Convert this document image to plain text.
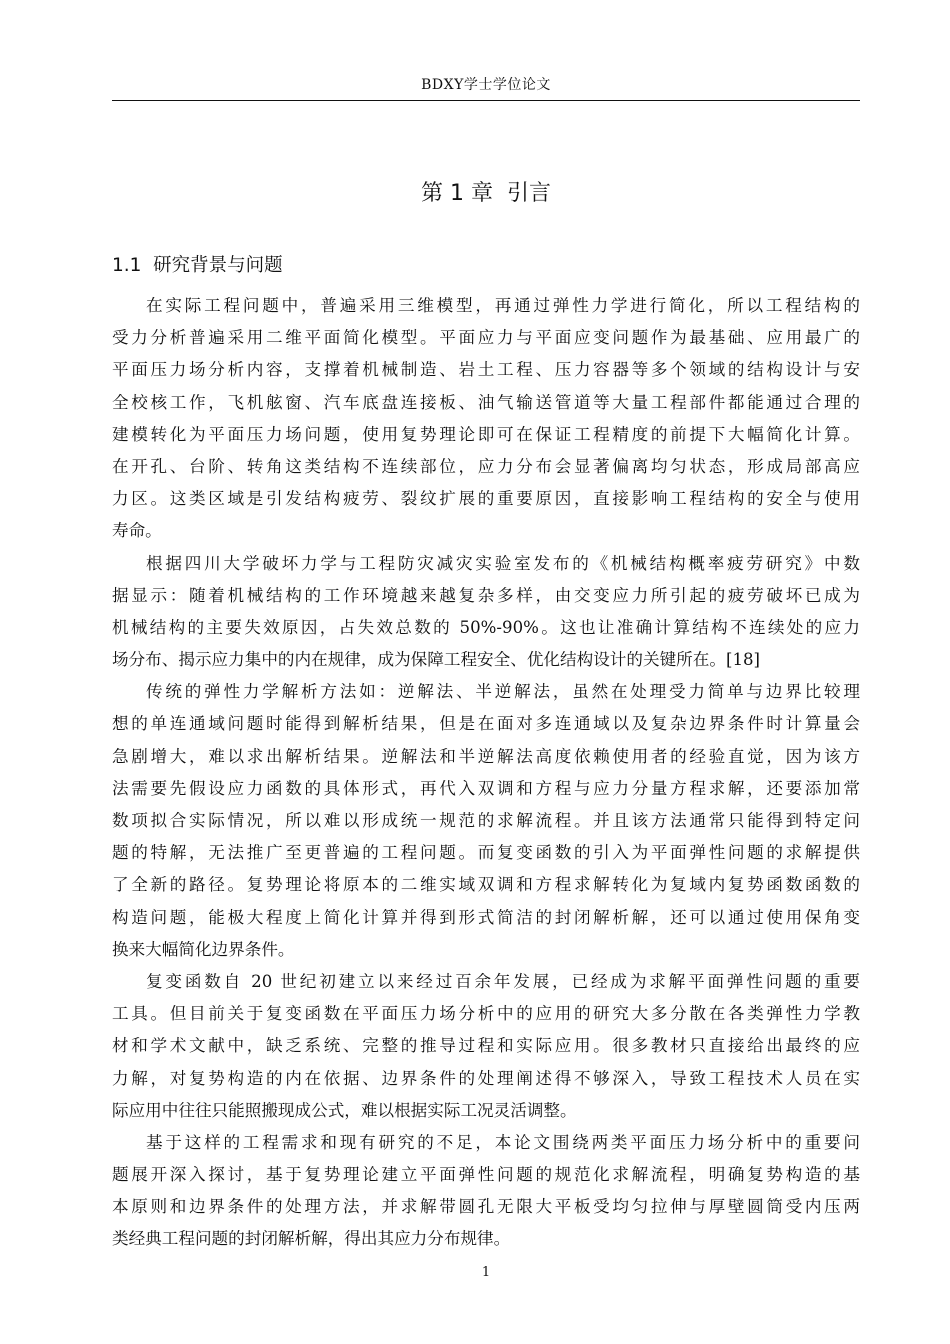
BDXY学士学位论文
第 1 章  引言
1.1  研究背景与问题
在实际工程问题中，普遍采用三维模型，再通过弹性力学进行简化，所以工程结构的
受力分析普遍采用二维平面简化模型。平面应力与平面应变问题作为最基础、应用最广的
平面压力场分析内容，支撑着机械制造、岩土工程、压力容器等多个领域的结构设计与安
全校核工作，飞机舷窗、汽车底盘连接板、油气输送管道等大量工程部件都能通过合理的
建模转化为平面压力场问题，使用复势理论即可在保证工程精度的前提下大幅简化计算。
在开孔、台阶、转角这类结构不连续部位，应力分布会显著偏离均匀状态，形成局部高应
力区。这类区域是引发结构疲劳、裂纹扩展的重要原因，直接影响工程结构的安全与使用
寿命。
根据四川大学破坏力学与工程防灾减灾实验室发布的《机械结构概率疲劳研究》中数
据显示：随着机械结构的工作环境越来越复杂多样，由交变应力所引起的疲劳破坏已成为
机械结构的主要失效原因，占失效总数的 50%-90%。这也让准确计算结构不连续处的应力
场分布、揭示应力集中的内在规律，成为保障工程安全、优化结构设计的关键所在。[18]
传统的弹性力学解析方法如：逆解法、半逆解法，虽然在处理受力简单与边界比较理
想的单连通域问题时能得到解析结果，但是在面对多连通域以及复杂边界条件时计算量会
急剧增大，难以求出解析结果。逆解法和半逆解法高度依赖使用者的经验直觉，因为该方
法需要先假设应力函数的具体形式，再代入双调和方程与应力分量方程求解，还要添加常
数项拟合实际情况，所以难以形成统一规范的求解流程。并且该方法通常只能得到特定问
题的特解，无法推广至更普遍的工程问题。而复变函数的引入为平面弹性问题的求解提供
了全新的路径。复势理论将原本的二维实域双调和方程求解转化为复域内复势函数函数的
构造问题，能极大程度上简化计算并得到形式简洁的封闭解析解，还可以通过使用保角变
换来大幅简化边界条件。
复变函数自 20 世纪初建立以来经过百余年发展，已经成为求解平面弹性问题的重要
工具。但目前关于复变函数在平面压力场分析中的应用的研究大多分散在各类弹性力学教
材和学术文献中，缺乏系统、完整的推导过程和实际应用。很多教材只直接给出最终的应
力解，对复势构造的内在依据、边界条件的处理阐述得不够深入，导致工程技术人员在实
际应用中往往只能照搬现成公式，难以根据实际工况灵活调整。
基于这样的工程需求和现有研究的不足，本论文围绕两类平面压力场分析中的重要问
题展开深入探讨，基于复势理论建立平面弹性问题的规范化求解流程，明确复势构造的基
本原则和边界条件的处理方法，并求解带圆孔无限大平板受均匀拉伸与厚壁圆筒受内压两
类经典工程问题的封闭解析解，得出其应力分布规律。
1
